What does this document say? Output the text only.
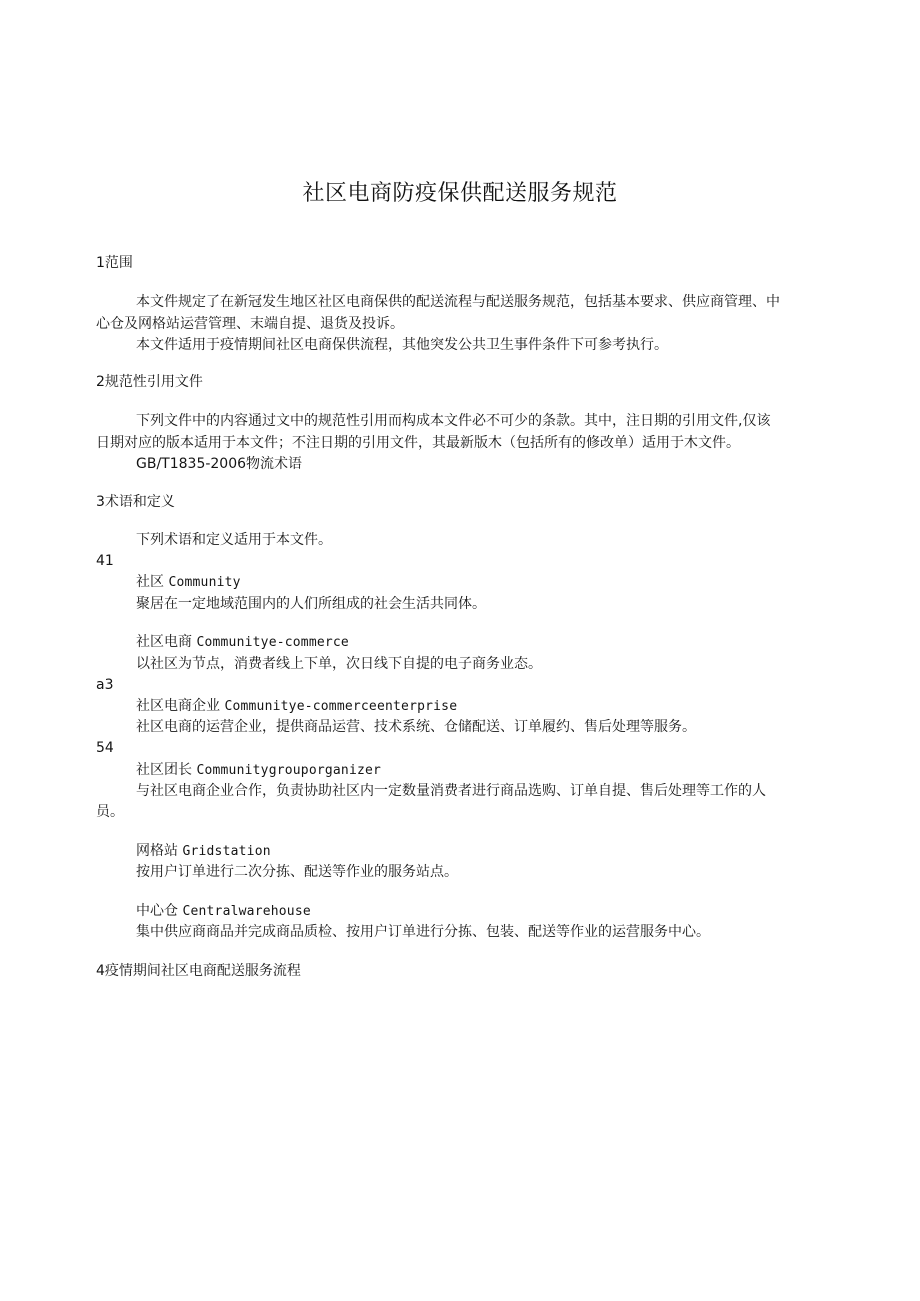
社区电商防疫保供配送服务规范
1范围
本文件规定了在新冠发生地区社区电商保供的配送流程与配送服务规范，包括基本要求、供应商管理、中
心仓及网格站运营管理、末端自提、退货及投诉。
本文件适用于疫情期间社区电商保供流程，其他突发公共卫生事件条件下可参考执行。
2规范性引用文件
下列文件中的内容通过文中的规范性引用而构成本文件必不可少的条款。其中，注日期的引用文件,仅该
日期对应的版本适用于本文件；不注日期的引用文件，其最新版木（包括所有的修改单）适用于木文件。
GB/T1835-2006物流术语
3术语和定义
下列术语和定义适用于本文件。
41
社区 Community
聚居在一定地域范围内的人们所组成的社会生活共同体。
社区电商 Communitye-commerce
以社区为节点，消费者线上下单，次日线下自提的电子商务业态。
a3
社区电商企业 Communitye-commerceenterprise
社区电商的运营企业，提供商品运营、技术系统、仓储配送、订单履约、售后处理等服务。
54
社区团长 Communitygrouporganizer
与社区电商企业合作，负责协助社区内一定数量消费者进行商品选购、订单自提、售后处理等工作的人
员。
网格站 Gridstation
按用户订单进行二次分拣、配送等作业的服务站点。
中心仓 Centralwarehouse
集中供应商商品并完成商品质检、按用户订单进行分拣、包装、配送等作业的运营服务中心。
4疫情期间社区电商配送服务流程
